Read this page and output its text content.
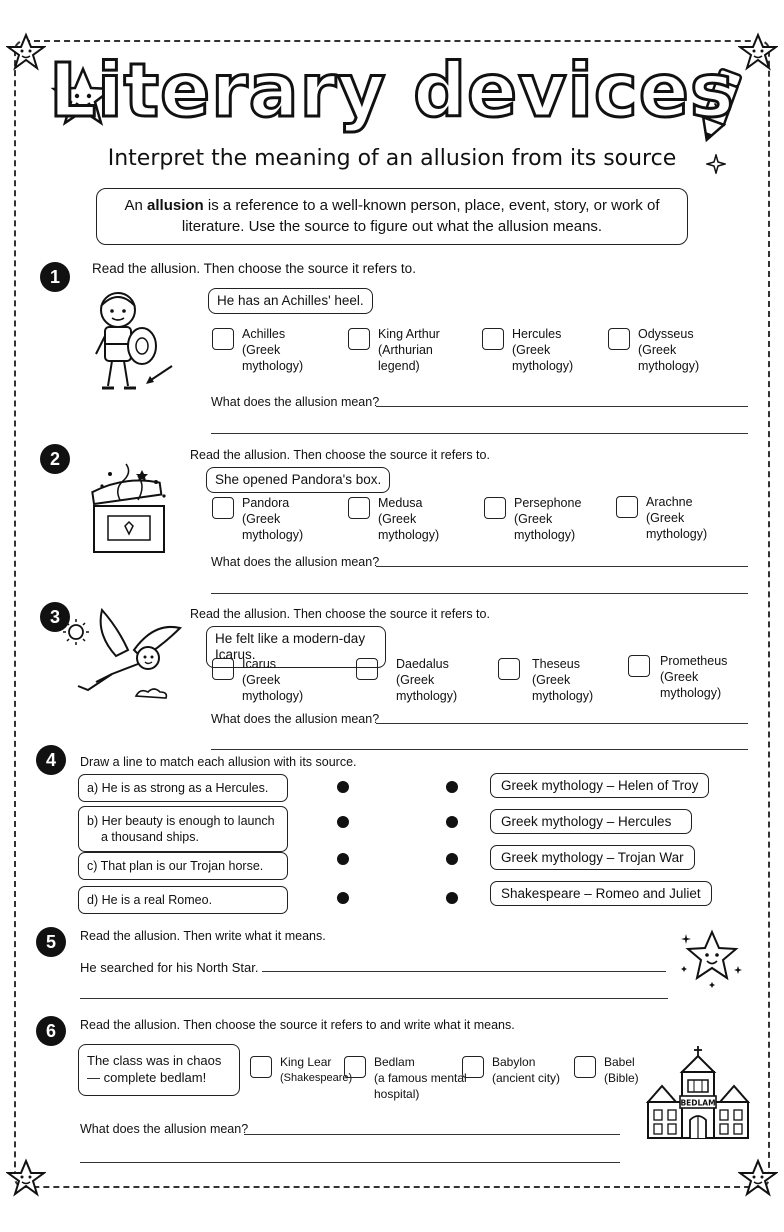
Literary devices
Interpret the meaning of an allusion from its source
An allusion is a reference to a well-known person, place, event, story, or work of literature. Use the source to figure out what the allusion means.
1	Read the allusion. Then choose the source it refers to.
He has an Achilles' heel.
Achilles
(Greek mythology)
King Arthur
(Arthurian legend)
Hercules
(Greek mythology)
Odysseus
(Greek mythology)
What does the allusion mean?
2	Read the allusion. Then choose the source it refers to.
She opened Pandora's box.
Pandora
(Greek mythology)
Medusa
(Greek mythology)
Persephone
(Greek mythology)
Arachne
(Greek mythology)
What does the allusion mean?
3	Read the allusion. Then choose the source it refers to.
He felt like a modern-day Icarus.
Icarus
(Greek mythology)
Daedalus
(Greek mythology)
Theseus
(Greek mythology)
Prometheus
(Greek mythology)
What does the allusion mean?
4	Draw a line to match each allusion with its source.
a) He is as strong as a Hercules.
b) Her beauty is enough to launch a thousand ships.
c) That plan is our Trojan horse.
d) He is a real Romeo.
Greek mythology – Helen of Troy
Greek mythology – Hercules
Greek mythology – Trojan War
Shakespeare – Romeo and Juliet
5	Read the allusion. Then write what it means.
He searched for his North Star.
6	Read the allusion. Then choose the source it refers to and write what it means.
The class was in chaos— complete bedlam!
King Lear
(Shakespeare)
Bedlam
(a famous mental hospital)
Babylon
(ancient city)
Babel
(Bible)
What does the allusion mean?
BEDLAM
